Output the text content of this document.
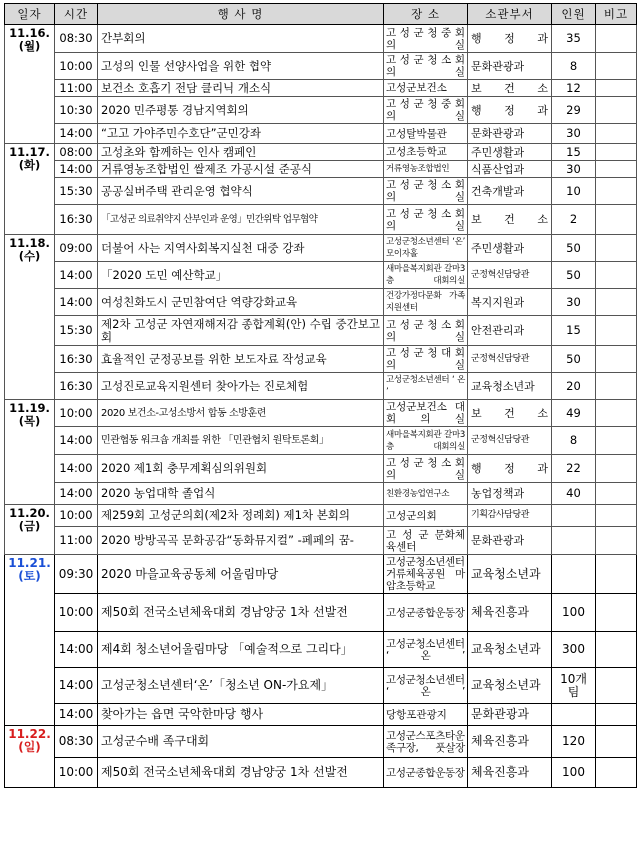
일자	시간	행 사 명	장 소	소관부서	인원	비고

11.16.
(월)	08:30	간부회의	고 성 군 청 중 회 의 실	행 정 과	35	
	10:00	고성의 인물 선양사업을 위한 협약	고 성 군 청 소 회 의 실	문화관광과	8	
	11:00	보건소 호흡기 전담 클리닉 개소식	고성군보건소	보 건 소	12	
	10:30	2020 민주평통 경남지역회의	고 성 군 청 중 회 의 실	행 정 과	29	
	14:00	“고고 가야주민수호단”군민강좌	고성탈박물관	문화관광과	30	

11.17.
(화)	08:00	고성초와 함께하는 인사 캠페인	고성초등학교	주민생활과	15	
	14:00	거류영농조합법인 쌀제조 가공시설 준공식	거류영농조합법인	식품산업과	30	
	15:30	공공실버주택 관리운영 협약식	고 성 군 청 소 회 의 실	건축개발과	10	
	16:30	「고성군 의료취약지 산부인과 운영」민간위탁 업무협약	고 성 군 청 소 회 의 실	보 건 소	2	

11.18.
(수)	09:00	더불어 사는 지역사회복지실천 대중 강좌	고성군청소년센터 ‘온’ 모이자홀	주민생활과	50	
	14:00	「2020 도민 예산학교」	새마을복지회관 갈마3층 대회의실	군정혁신담당관	50	
	14:00	여성친화도시 군민참여단 역량강화교육	건강가정다문화 가족지원센터	복지지원과	30	
	15:30	제2차 고성군 자연재해저감 종합계획(안) 수립 중간보고회	고 성 군 청 소 회 의 실	안전관리과	15	
	16:30	효율적인 군정공보를 위한 보도자료 작성교육	고 성 군 청 대 회 의 실	군정혁신담당관	50	
	16:30	고성진로교육지원센터 찾아가는 진로체험	고성군청소년센터 ‘ 온 ’	교육청소년과	20	

11.19.
(목)	10:00	2020 보건소-고성소방서 합동 소방훈련	고성군보건소 대 회 의 실	보 건 소	49	
	14:00	민관협동 워크숍 개최를 위한 「민관협치 원탁토론회」	새마을복지회관 갈마3층 대회의실	군정혁신담당관	8	
	14:00	2020 제1회 충무계획심의위원회	고 성 군 청 소 회 의 실	행 정 과	22	
	14:00	2020 농업대학 졸업식	친환경농업연구소	농업정책과	40	

11.20.
(금)	10:00	제259회 고성군의회(제2차 정례회) 제1차 본회의	고성군의회	기획감사담당관		
	11:00	2020 방방곡곡 문화공감“동화뮤지컬” -페페의 꿈-	고 성 군 문화체육센터	문화관광과		

11.21.
(토)	09:30	2020 마을교육공동체 어울림마당	고성군청소년센터 거류체육공원 마암초등학교	교육청소년과		
	10:00	제50회 전국소년체육대회 경남양궁 1차 선발전	고성군종합운동장	체육진흥과	100	
	14:00	제4회 청소년어울림마당 「예술적으로 그리다」	고성군청소년센터 ‘ 온 ’	교육청소년과	300	
	14:00	고성군청소년센터‘온’「청소년 ON-가요제」	고성군청소년센터 ‘ 온 ’	교육청소년과	10개 팀	
	14:00	찾아가는 읍면 국악한마당 행사	당항포관광지	문화관광과		

11.22.
(일)	08:30	고성군수배 족구대회	고성군스포츠타운 족구장, 풋살장	체육진흥과	120	
	10:00	제50회 전국소년체육대회 경남양궁 1차 선발전	고성군종합운동장	체육진흥과	100	
